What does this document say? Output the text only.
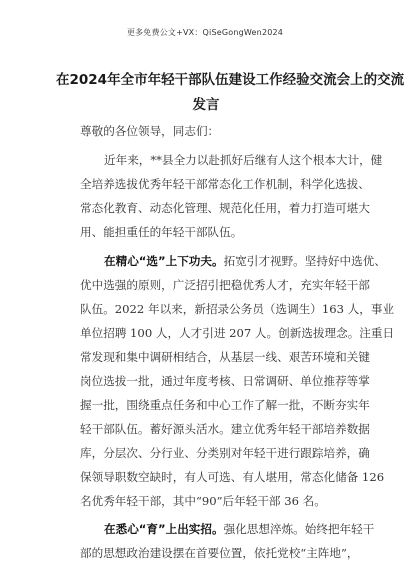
更多免费公文+VX：QiSeGongWen2024
在2024年全市年轻干部队伍建设工作经验交流会上的交流
发言
尊敬的各位领导，同志们：
近年来，**县全力以赴抓好后继有人这个根本大计，健
全培养选拔优秀年轻干部常态化工作机制，科学化选拔、
常态化教育、动态化管理、规范化任用，着力打造可堪大
用、能担重任的年轻干部队伍。
在精心“选”上下功夫。拓宽引才视野。坚持好中选优、
优中选强的原则，广泛招引把稳优秀人才，充实年轻干部
队伍。2022 年以来，新招录公务员（选调生）163 人，事业
单位招聘 100 人，人才引进 207 人。创新选拔理念。注重日
常发现和集中调研相结合，从基层一线、艰苦环境和关键
岗位选拔一批，通过年度考核、日常调研、单位推荐等掌
握一批，围绕重点任务和中心工作了解一批，不断夯实年
轻干部队伍。蓄好源头活水。建立优秀年轻干部培养数据
库，分层次、分行业、分类别对年轻干进行跟踪培养，确
保领导职数空缺时，有人可选、有人堪用，常态化储备 126
名优秀年轻干部，其中“90”后年轻干部 36 名。
在悉心“育”上出实招。强化思想淬炼。始终把年轻干
部的思想政治建设摆在首要位置，依托党校“主阵地”，
